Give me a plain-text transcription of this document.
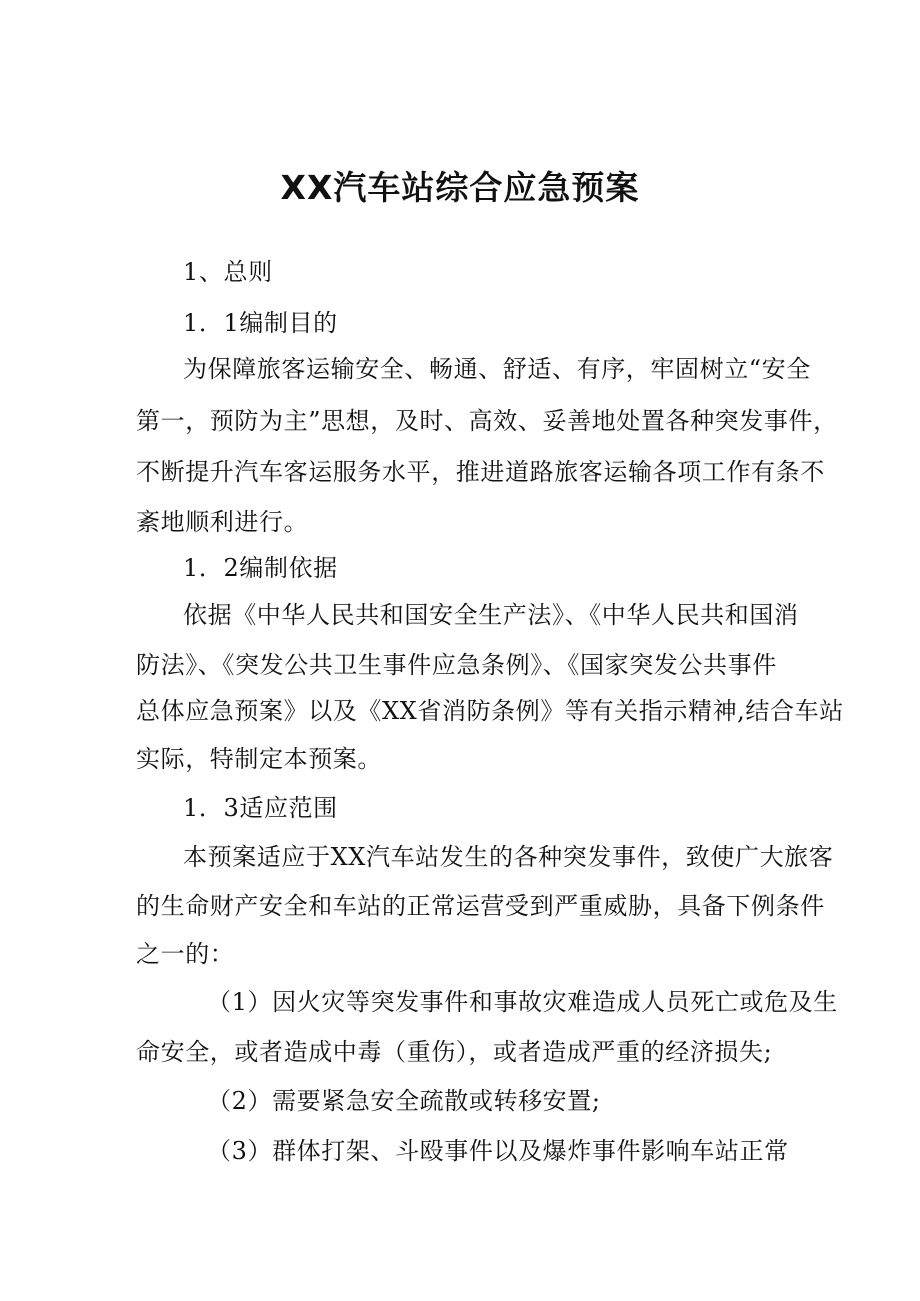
XX汽车站综合应急预案
1、总则
1．1编制目的
为保障旅客运输安全、畅通、舒适、有序，牢固树立“安全
第一，预防为主”思想，及时、高效、妥善地处置各种突发事件，
不断提升汽车客运服务水平，推进道路旅客运输各项工作有条不
紊地顺利进行。
1．2编制依据
依据《中华人民共和国安全生产法》、《中华人民共和国消
防法》、《突发公共卫生事件应急条例》、《国家突发公共事件
总体应急预案》以及《XX省消防条例》等有关指示精神,结合车站
实际，特制定本预案。
1．3适应范围
本预案适应于XX汽车站发生的各种突发事件，致使广大旅客
的生命财产安全和车站的正常运营受到严重威胁，具备下例条件
之一的：
（1）因火灾等突发事件和事故灾难造成人员死亡或危及生
命安全，或者造成中毒（重伤），或者造成严重的经济损失;
（2）需要紧急安全疏散或转移安置;
（3）群体打架、斗殴事件以及爆炸事件影响车站正常
